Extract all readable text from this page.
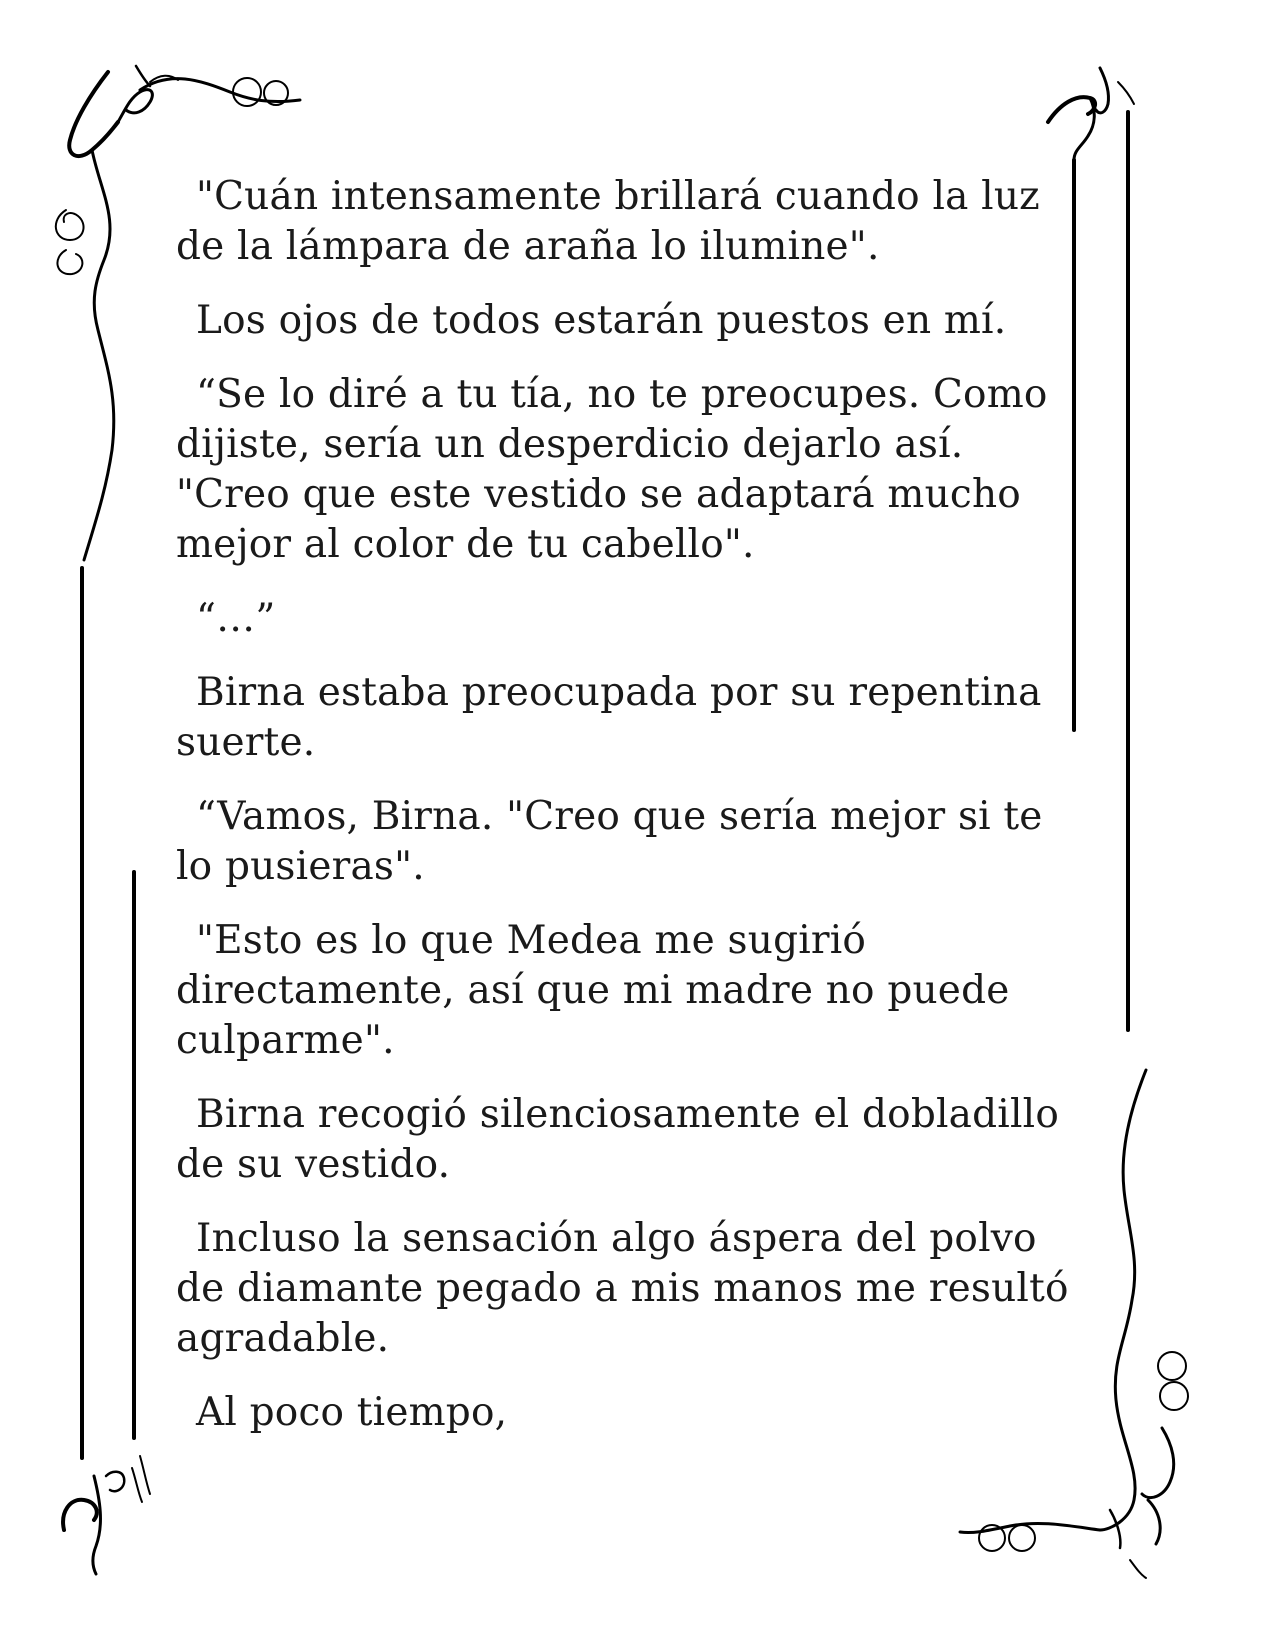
"Cuán intensamente brillará cuando la luz de la lámpara de araña lo ilumine".

Los ojos de todos estarán puestos en mí.

“Se lo diré a tu tía, no te preocupes. Como dijiste, sería un desperdicio dejarlo así. "Creo que este vestido se adaptará mucho mejor al color de tu cabello".

“…”

Birna estaba preocupada por su repentina suerte.

“Vamos, Birna. "Creo que sería mejor si te lo pusieras".

"Esto es lo que Medea me sugirió directamente, así que mi madre no puede culparme".

Birna recogió silenciosamente el dobladillo de su vestido.

Incluso la sensación algo áspera del polvo de diamante pegado a mis manos me resultó agradable.

Al poco tiempo,
